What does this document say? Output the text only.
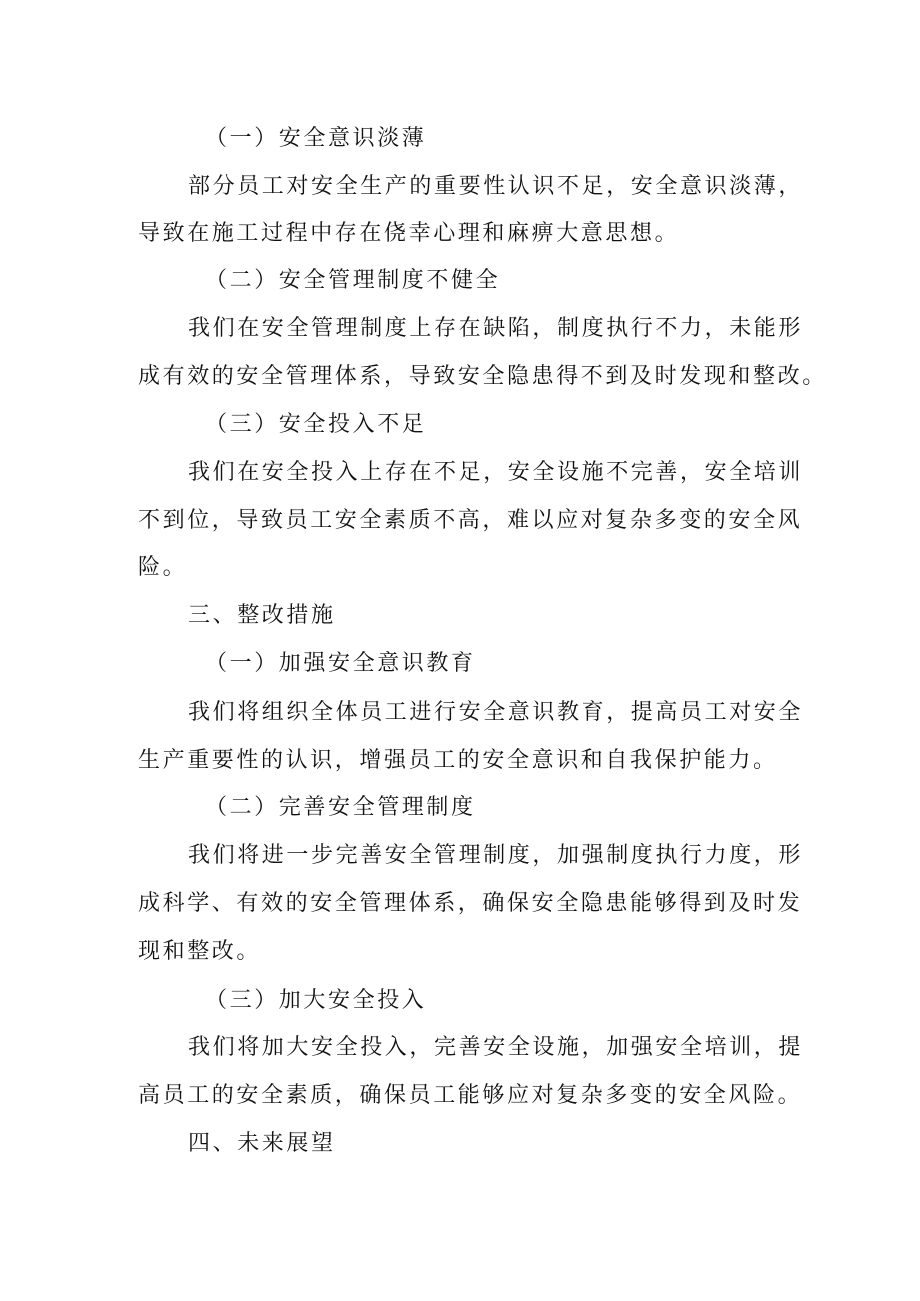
（一）安全意识淡薄
部分员工对安全生产的重要性认识不足，安全意识淡薄，
导致在施工过程中存在侥幸心理和麻痹大意思想。
（二）安全管理制度不健全
我们在安全管理制度上存在缺陷，制度执行不力，未能形
成有效的安全管理体系，导致安全隐患得不到及时发现和整改。
（三）安全投入不足
我们在安全投入上存在不足，安全设施不完善，安全培训
不到位，导致员工安全素质不高，难以应对复杂多变的安全风
险。
三、整改措施
（一）加强安全意识教育
我们将组织全体员工进行安全意识教育，提高员工对安全
生产重要性的认识，增强员工的安全意识和自我保护能力。
（二）完善安全管理制度
我们将进一步完善安全管理制度，加强制度执行力度，形
成科学、有效的安全管理体系，确保安全隐患能够得到及时发
现和整改。
（三）加大安全投入
我们将加大安全投入，完善安全设施，加强安全培训，提
高员工的安全素质，确保员工能够应对复杂多变的安全风险。
四、未来展望
